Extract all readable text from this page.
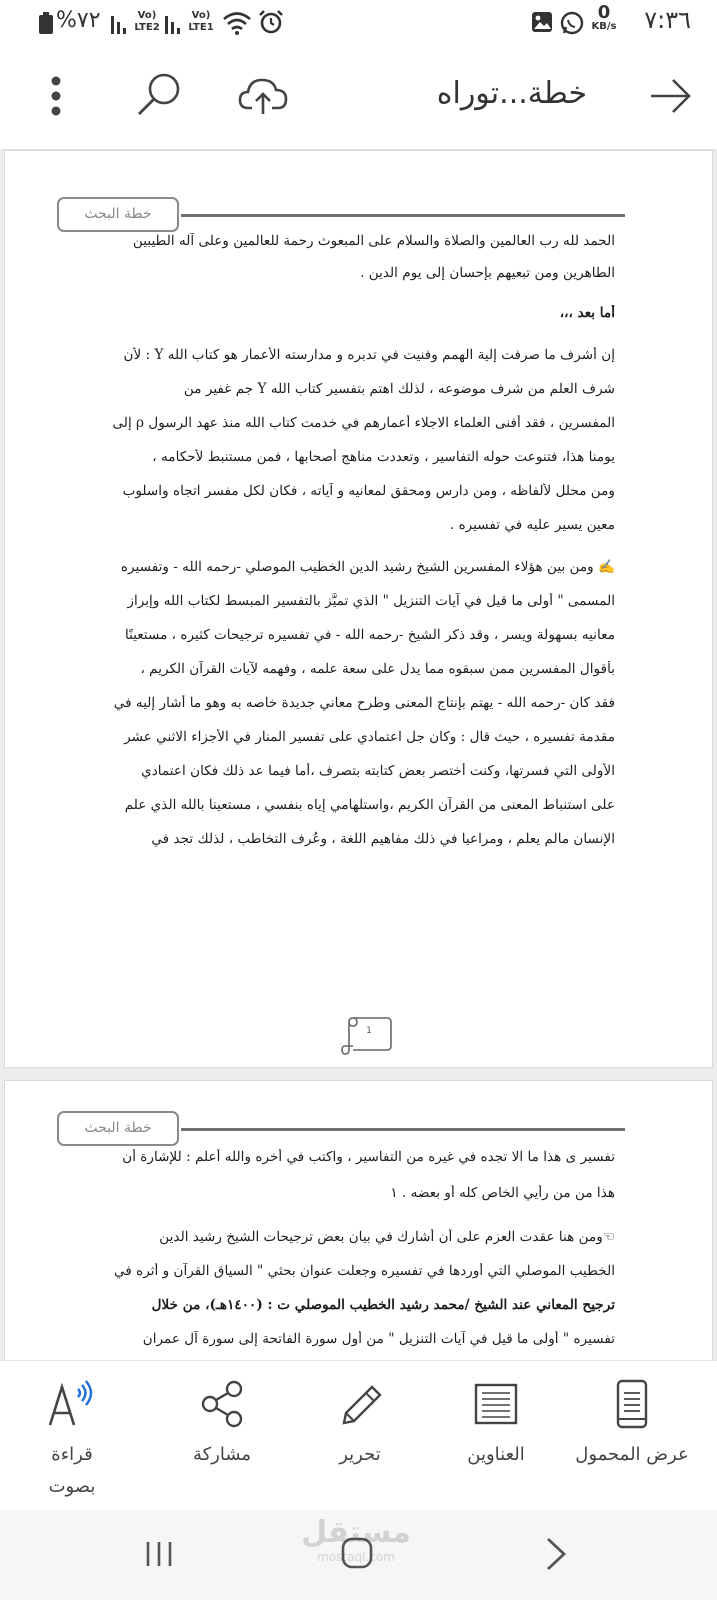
٧:٣٦
0
KB/s
%٧٢	Vo) LTE2
Vo) LTE1
خطة...توراه
خطة البحث
الحمد لله رب العالمين والصلاة والسلام على المبعوث رحمة للعالمين وعلى آله الطيبين
الطاهرين ومن تبعيهم بإحسان إلى يوم الدين .
أما بعد ،،،
إن أشرف ما صرفت إلية الهمم وفنيت في تدبره و مدارسته الأعمار هو كتاب الله Y : لأن
شرف العلم من شرف موضوعه ، لذلك اهتم بتفسير كتاب الله Y جم غفير من
المفسرين ، فقد أفنى العلماء الاجلاء أعمارهم في خدمت كتاب الله منذ عهد الرسول ρ إلى
يومنا هذا، فتنوعت حوله التفاسير ، وتعددت مناهج أصحابها ، فمن مستنبط لأحكامه ،
ومن محلل لألفاظه ، ومن دارس ومحقق لمعانيه و آياته ، فكان لكل مفسر اتجاه واسلوب
معين يسير عليه في تفسيره .
✍ ومن بين هؤلاء المفسرين الشيخ رشيد الدين الخطيب الموصلي -رحمه الله - وتفسيره
المسمى " أولى ما قيل في آيات التنزيل " الذي تميَّز بالتفسير المبسط لكتاب الله وإبراز
معانيه بسهولة ويسر ، وقد ذكر الشيخ -رحمه الله - في تفسيره ترجيحات كثيره ، مستعينًا
بأقوال المفسرين ممن سبقوه مما يدل على سعة علمه ، وفهمه لآيات القرآن الكريم ،
فقد كان -رحمه الله - يهتم بإنتاج المعنى وطرح معاني جديدة خاصه به وهو ما أشار إليه في
مقدمة تفسيره ، حيث قال : وكان جل اعتمادي على تفسير المنار في الأجزاء الاثني عشر
الأولى التي فسرتها، وكنت أختصر بعض كتابته بتصرف ،أما فيما عد ذلك فكان اعتمادي
على استنباط المعنى من القرآن الكريم ،واستلهامي إياه بنفسي ، مستعينا بالله الذي علم
الإنسان مالم يعلم ، ومراعيا في ذلك مفاهيم اللغة ، وعُرف التخاطب ، لذلك تجد في
1
خطة البحث
تفسير ى هذا ما الا تجده في غيره من التفاسير ، واكتب في أخره والله أعلم : للإشارة أن
هذا من من رأيي الخاص كله أو بعضه . ١
☜ومن هنا عقدت العزم على أن أشارك في بيان بعض ترجيحات الشيخ رشيد الدين
الخطيب الموصلي التي أوردها في تفسيره وجعلت عنوان بحثي " السياق القرآن و أثره في
ترجيح المعاني عند الشيخ /محمد رشيد الخطيب الموصلي ت : (١٤٠٠هـ)، من خلال
تفسيره " أولى ما قيل في آيات التنزيل " من أول سورة الفاتحة إلى سورة آل عمران
عرض المحمول
العناوين
تحرير
مشاركة
قراءة بصوت
مستقل
mostaql.com
